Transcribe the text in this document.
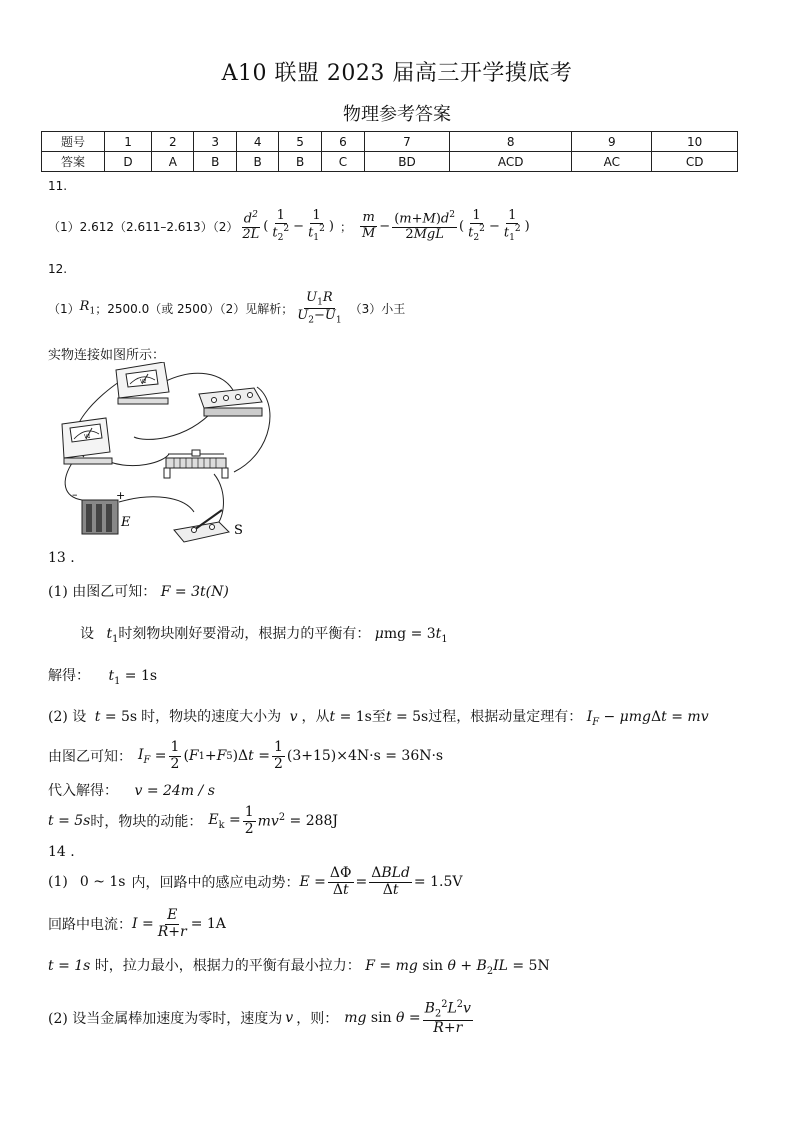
A10 联盟 2023 届高三开学摸底考
物理参考答案
题号	1	2	3	4	5	6	7	8	9	10
答案	D	A	B	B	B	C	BD	ACD	AC	CD
11.
$(1)2.612(2.611-2.613)(2) \frac{d^2}{2L}$ ( $\frac{1}{t_2^2} - \frac{1}{t_1^2}$ ) ； $\frac{m}{M} - \frac{(m+M)d^2}{\text{2MgL}}$ ( $\frac{1}{t_2^2} - \frac{1}{t_1^2}$ )
12.
（1） $R_1$ ；2500.0（或 2500）（2）见解析； $\frac{U_1R}{U_2-U_1} (3)$小王
实物连接如图所示：
V2
V1
+
–
E
S
13 .
(1) 由图乙可知： F = 3t(N)
设 $t_1$时刻物块刚好要滑动，根据力的平衡有： $\mu mg = 3t_1$
解得： $t_1 = 1s$
(2) 设 t = 5s 时，物块的速度大小为 v ，从t = 1s至t = 5s过程，根据动量定理有： $I_F - \mu mg\Delta t$ = mv
由图乙可知： $I_F = \frac{1}{2}$ ( F 1 + F 5 )Δ $t = \frac{1}{2} (3+15)\times 4N\cdot s = 36N\cdot s$
代入解得： v = 24m / s
t = 5s 时，物块的动能： $E_k = \frac{1}{2} mv^2 = 288J$
14 .
(1) 0 ~ 1s 内，回路中的感应电动势： $E = \frac{\Delta\Phi}{\Delta t} = \frac{\text{ΔBLd}}{\Delta t} = 1.5V$
回路中电流： $I = \frac{E}{R+r} = 1A$
t = 1s 时，拉力最小，根据力的平衡有最小拉力： F = mg $\sin \theta + B_2IL = 5N$
(2) 设当金属棒加速度为零时，速度为 v ，则： mg $\sin \theta = \frac{B_2^2L^2v}{R+r}$
